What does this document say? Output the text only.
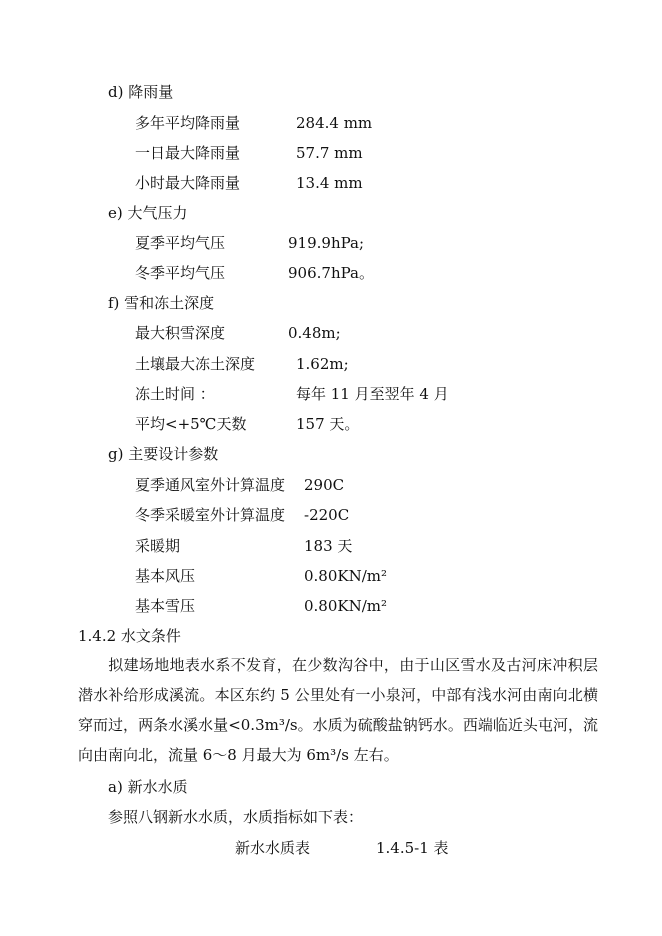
d) 降雨量
多年平均降雨量	284.4 mm
一日最大降雨量	57.7 mm
小时最大降雨量	13.4 mm
e) 大气压力
夏季平均气压	919.9hPa;
冬季平均气压	906.7hPa。
f) 雪和冻土深度
最大积雪深度	0.48m;
土壤最大冻土深度	1.62m;
冻土时间 ：	每年 11 月至翌年 4 月
平均<+5℃天数	157 天。
g) 主要设计参数
夏季通风室外计算温度 290C
冬季采暖室外计算温度 -220C
采暖期	183 天
基本风压	0.80KN/m²
基本雪压	0.80KN/m²
1.4.2 水文条件
拟建场地地表水系不发育，在少数沟谷中，由于山区雪水及古河床冲积层潜水补给形成溪流。本区东约 5 公里处有一小泉河，中部有浅水河由南向北横穿而过，两条水溪水量<0.3m³/s。水质为硫酸盐钠钙水。西端临近头屯河，流向由南向北，流量 6～8 月最大为 6m³/s 左右。
a) 新水水质
参照八钢新水水质，水质指标如下表：
新水水质表	1.4.5-1 表
